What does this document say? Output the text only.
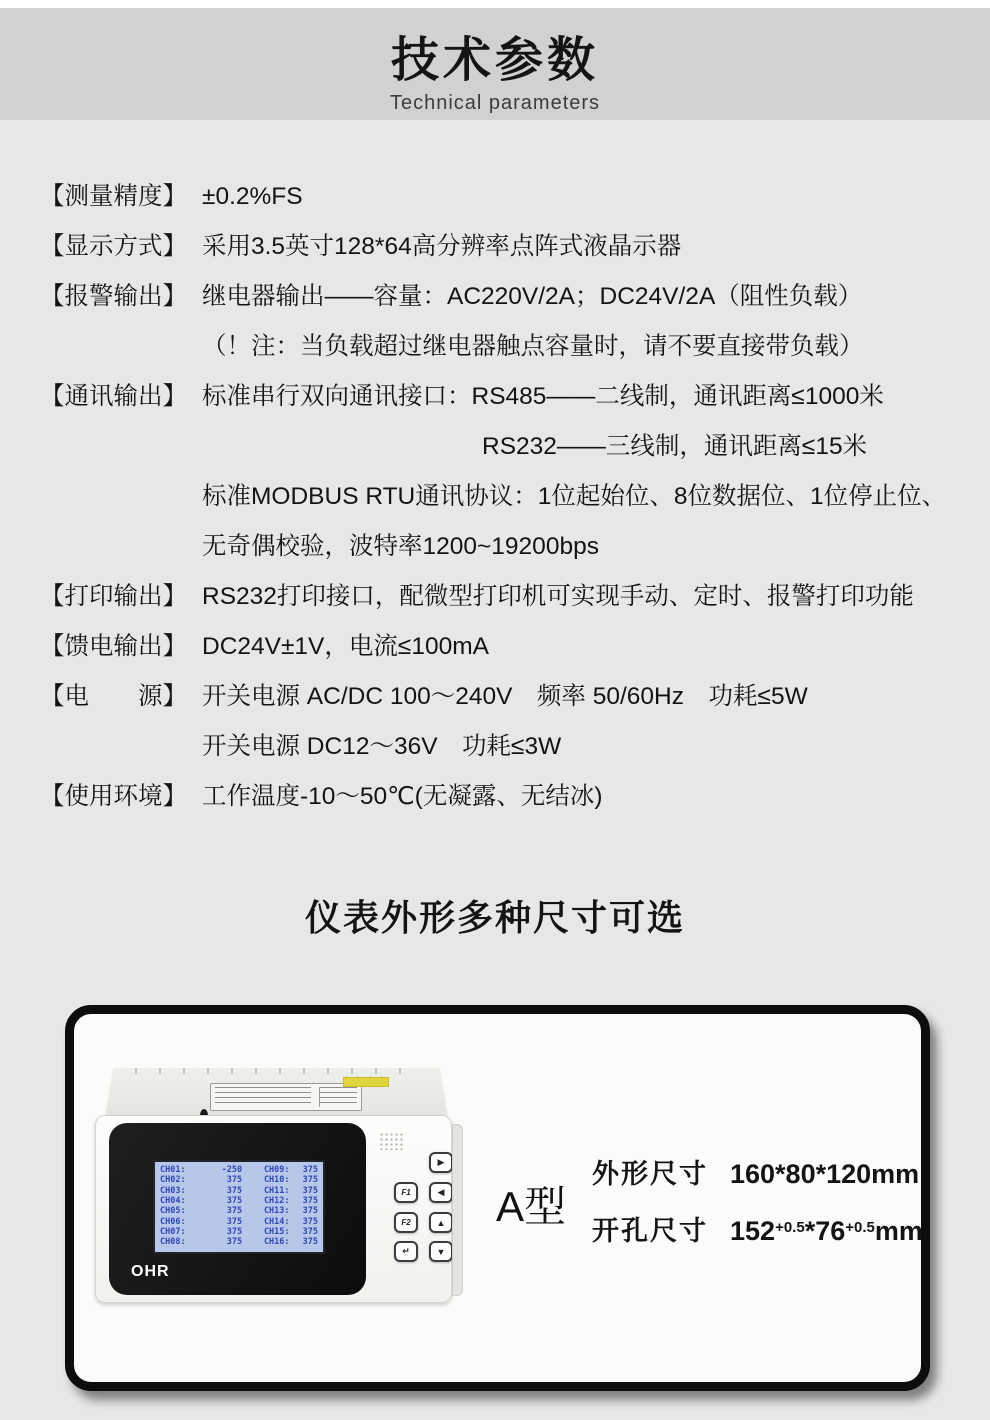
技术参数
Technical parameters
【测量精度】 ±0.2%FS
【显示方式】 采用3.5英寸128*64高分辨率点阵式液晶示器
【报警输出】 继电器输出——容量：AC220V/2A；DC24V/2A（阻性负载）
（！注：当负载超过继电器触点容量时，请不要直接带负载）
【通讯输出】 标准串行双向通讯接口：RS485——二线制，通讯距离≤1000米
RS232——三线制，通讯距离≤15米
标准MODBUS RTU通讯协议：1位起始位、8位数据位、1位停止位、
无奇偶校验，波特率1200~19200bps
【打印输出】 RS232打印接口，配微型打印机可实现手动、定时、报警打印功能
【馈电输出】 DC24V±1V，电流≤100mA
【电　　源】 开关电源 AC/DC 100～240V　频率 50/60Hz　功耗≤5W
开关电源 DC12～36V　功耗≤3W
【使用环境】 工作温度-10～50℃(无凝露、无结冰)
仪表外形多种尺寸可选
CH01:	-250	CH09:	375
CH02:	375	CH10:	375
CH03:	375	CH11:	375
CH04:	375	CH12:	375
CH05:	375	CH13:	375
CH06:	375	CH14:	375
CH07:	375	CH15:	375
CH08:	375	CH16:	375
OHR
▶
F1	◀
F2	▲
↵	▼
A型
外形尺寸 160*80*120mm
开孔尺寸 $152^{+0.5}*76^{+0.5}mm$
